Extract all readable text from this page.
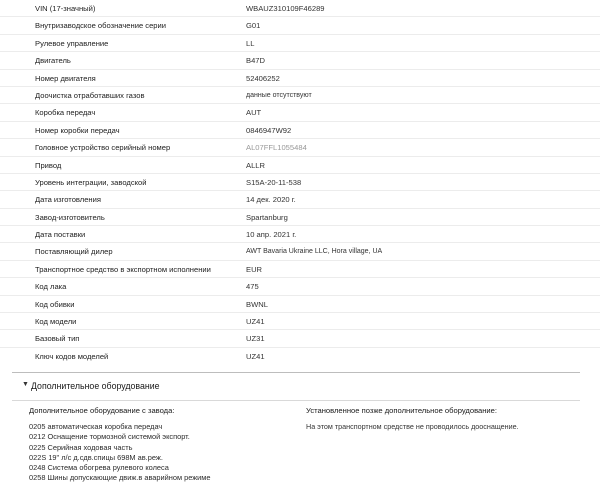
VIN (17-значный)	WBAUZ310109F46289
Внутризаводское обозначение серии	G01
Рулевое управление	LL
Двигатель	B47D
Номер двигателя	52406252
Доочистка отработавших газов	данные отсутствуют
Коробка передач	AUT
Номер коробки передач	0846947W92
Головное устройство серийный номер	AL07FFL1055484
Привод	ALLR
Уровень интеграции, заводской	S15A-20-11-538
Дата изготовления	14 дек. 2020 г.
Завод-изготовитель	Spartanburg
Дата поставки	10 апр. 2021 г.
Поставляющий дилер	AWT Bavaria Ukraine LLC, Hora village, UA
Транспортное средство в экспортном исполнении	EUR
Код лака	475
Код обивки	BWNL
Код модели	UZ41
Базовый тип	UZ31
Ключ кодов моделей	UZ41
▼ Дополнительное оборудование
Дополнительное оборудование с завода:
0205 автоматическая коробка передач
0212 Оснащение тормозной системой экспорт.
0225 Серийная ходовая часть
022S 19" л/с д.сдв.спицы 698M ав.реж.
0248 Система обогрева рулевого колеса
0258 Шины допускающие движ.в аварийном режиме
Установленное позже дополнительное оборудование:
На этом транспортном средстве не проводилось дооснащение.
